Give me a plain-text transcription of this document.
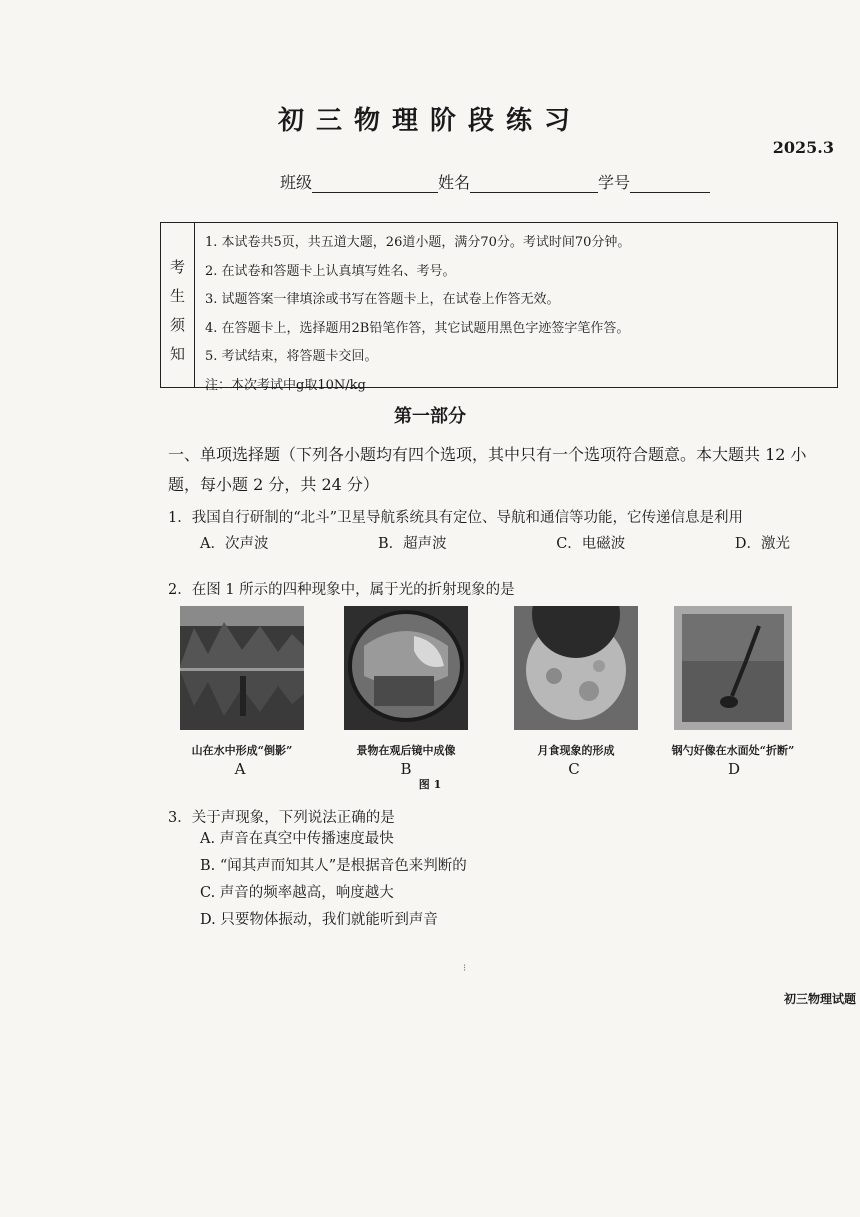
初三物理阶段练习
2025.3
班级	姓名	学号
考
生
须
知
1. 本试卷共5页，共五道大题，26道小题，满分70分。考试时间70分钟。
2. 在试卷和答题卡上认真填写姓名、考号。
3. 试题答案一律填涂或书写在答题卡上，在试卷上作答无效。
4. 在答题卡上，选择题用2B铅笔作答，其它试题用黑色字迹签字笔作答。
5. 考试结束，将答题卡交回。
注：本次考试中g取10N/kg
第一部分
一、单项选择题（下列各小题均有四个选项，其中只有一个选项符合题意。本大题共 12 小题，每小题 2 分，共 24 分）
1．我国自行研制的“北斗”卫星导航系统具有定位、导航和通信等功能，它传递信息是利用
A．次声波	B．超声波	C．电磁波	D．激光
2．在图 1 所示的四种现象中，属于光的折射现象的是
山在水中形成“倒影”	景物在观后镜中成像	月食现象的形成	钢勺好像在水面处“折断”
A	B	C	D
图 1
3．关于声现象，下列说法正确的是
A. 声音在真空中传播速度最快
B. “闻其声而知其人”是根据音色来判断的
C. 声音的频率越高，响度越大
D. 只要物体振动，我们就能听到声音
⁝
初三物理试题
